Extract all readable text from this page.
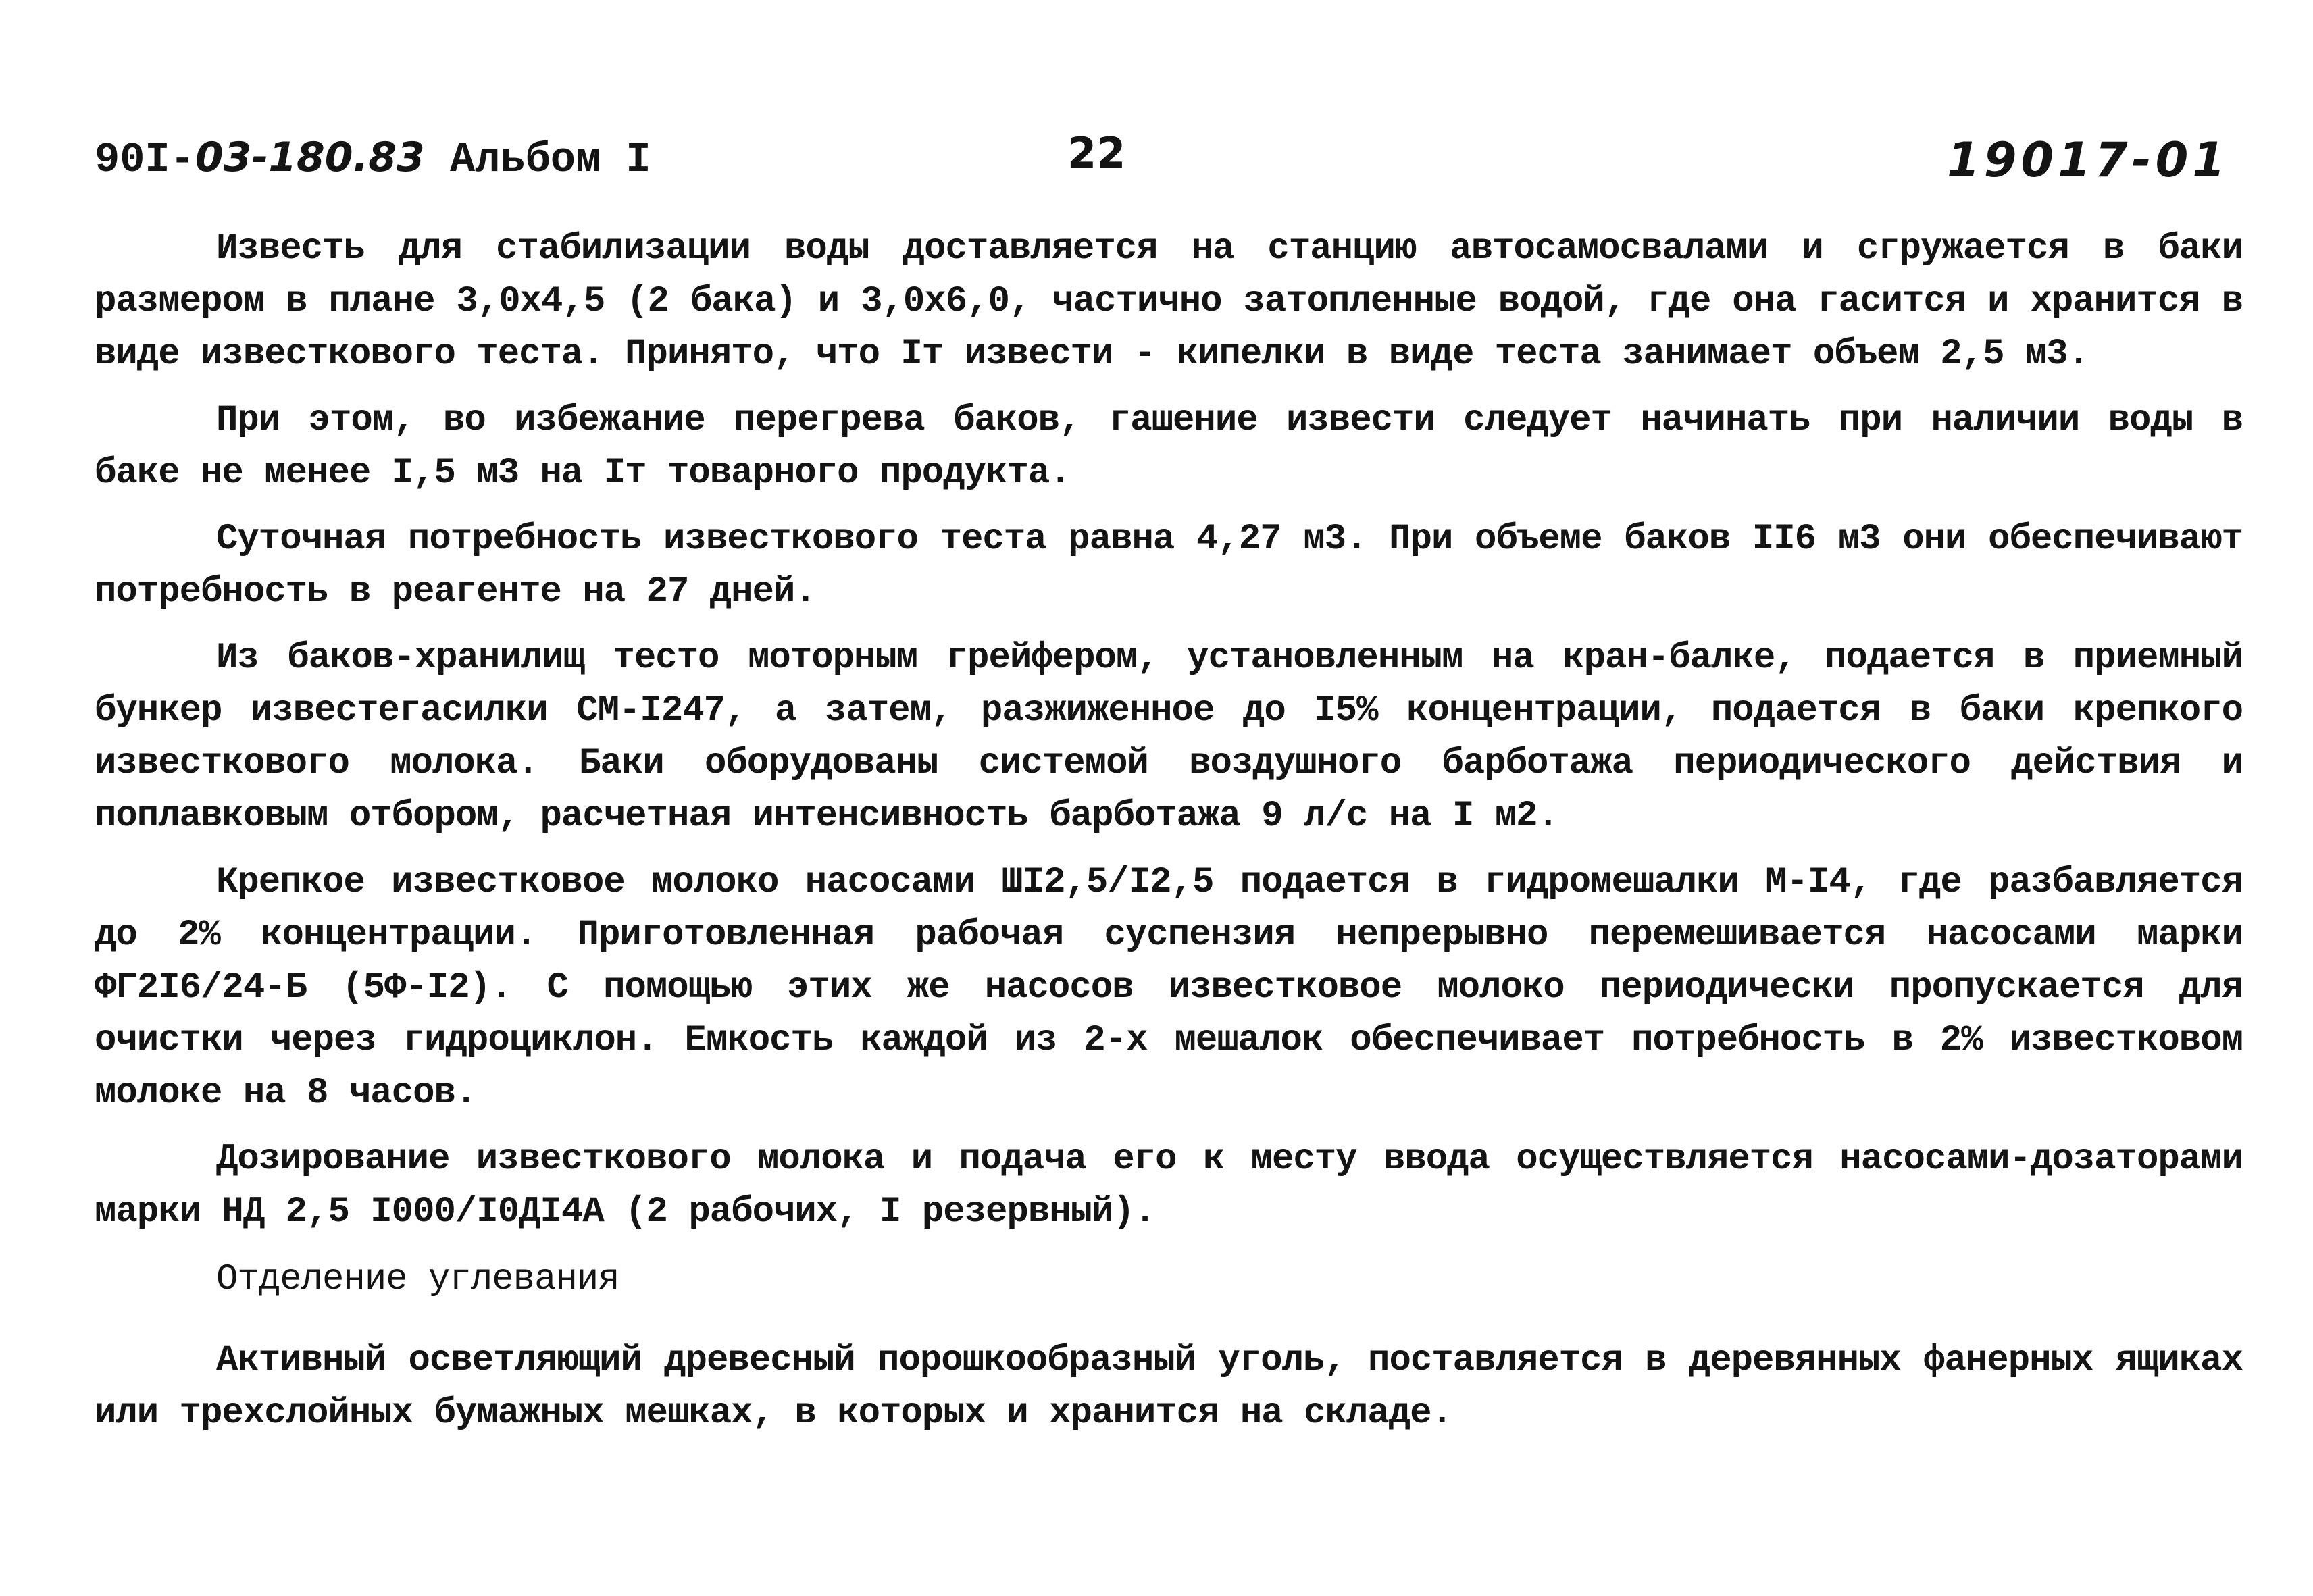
90I-03-180.83 Альбом I	22	19017-01

Известь для стабилизации воды доставляется на станцию автосамосвалами и сгружается в баки размером в плане 3,0х4,5 (2 бака) и 3,0х6,0, частично затопленные водой, где она гасится и хранится в виде известкового теста. Принято, что Iт извести - кипелки в виде теста занимает объем 2,5 м3.

При этом, во избежание перегрева баков, гашение извести следует начинать при наличии воды в баке не менее I,5 м3 на Iт товарного продукта.

Суточная потребность известкового теста равна 4,27 м3. При объеме баков II6 м3 они обеспечивают потребность в реагенте на 27 дней.

Из баков-хранилищ тесто моторным грейфером, установленным на кран-балке, подается в приемный бункер известегасилки СМ-I247, а затем, разжиженное до I5% концентрации, подается в баки крепкого известкового молока. Баки оборудованы системой воздушного барботажа периодического действия и поплавковым отбором, расчетная интенсивность барботажа 9 л/с на I м2.

Крепкое известковое молоко насосами ШI2,5/I2,5 подается в гидромешалки М-I4, где разбавляется до 2% концентрации. Приготовленная рабочая суспензия непрерывно перемешивается насосами марки ФГ2I6/24-Б (5Ф-I2). С помощью этих же насосов известковое молоко периодически пропускается для очистки через гидроциклон. Емкость каждой из 2-х мешалок обеспечивает потребность в 2% известковом молоке на 8 часов.

Дозирование известкового молока и подача его к месту ввода осуществляется насосами-дозаторами марки НД 2,5 I000/I0ДI4А (2 рабочих, I резервный).

Отделение углевания

Активный осветляющий древесный порошкообразный уголь, поставляется в деревянных фанерных ящиках или трехслойных бумажных мешках, в которых и хранится на складе.
